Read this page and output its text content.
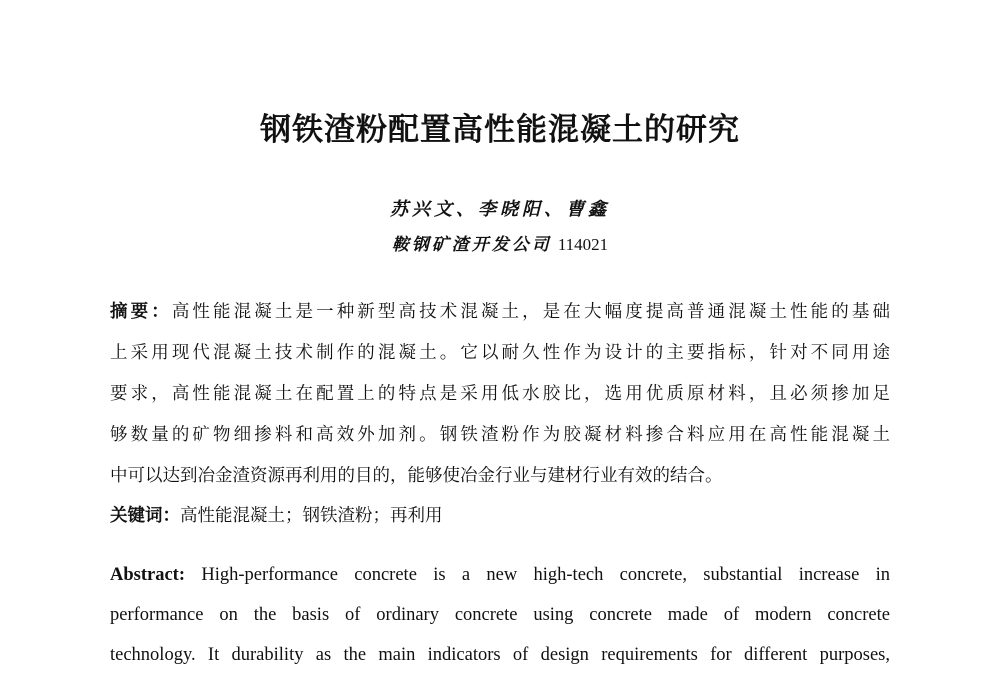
钢铁渣粉配置高性能混凝土的研究
苏兴文、李晓阳、曹鑫
鞍钢矿渣开发公司 114021
摘要：高性能混凝土是一种新型高技术混凝土，是在大幅度提高普通混凝土性能的基础
上采用现代混凝土技术制作的混凝土。它以耐久性作为设计的主要指标，针对不同用途
要求，高性能混凝土在配置上的特点是采用低水胶比，选用优质原材料，且必须掺加足
够数量的矿物细掺料和高效外加剂。钢铁渣粉作为胶凝材料掺合料应用在高性能混凝土
中可以达到冶金渣资源再利用的目的，能够使冶金行业与建材行业有效的结合。
关键词：高性能混凝土；钢铁渣粉；再利用
Abstract: High-performance concrete is a new high-tech concrete, substantial increase in
performance on the basis of ordinary concrete using concrete made of modern concrete
technology. It durability as the main indicators of design requirements for different purposes,
